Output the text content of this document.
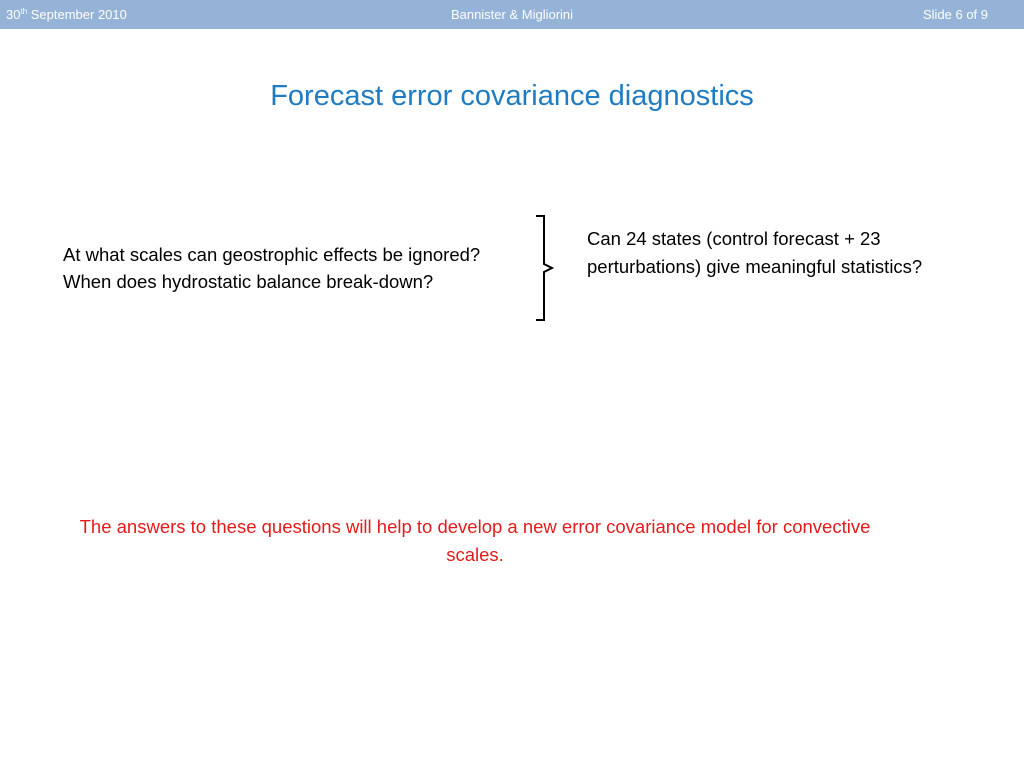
30th September 2010	Bannister & Migliorini	Slide 6 of 9
Forecast error covariance diagnostics
At what scales can geostrophic effects be ignored?
When does hydrostatic balance break-down?
Can 24 states (control forecast + 23 perturbations) give meaningful statistics?
The answers to these questions will help to develop a new error covariance model for convective scales.
